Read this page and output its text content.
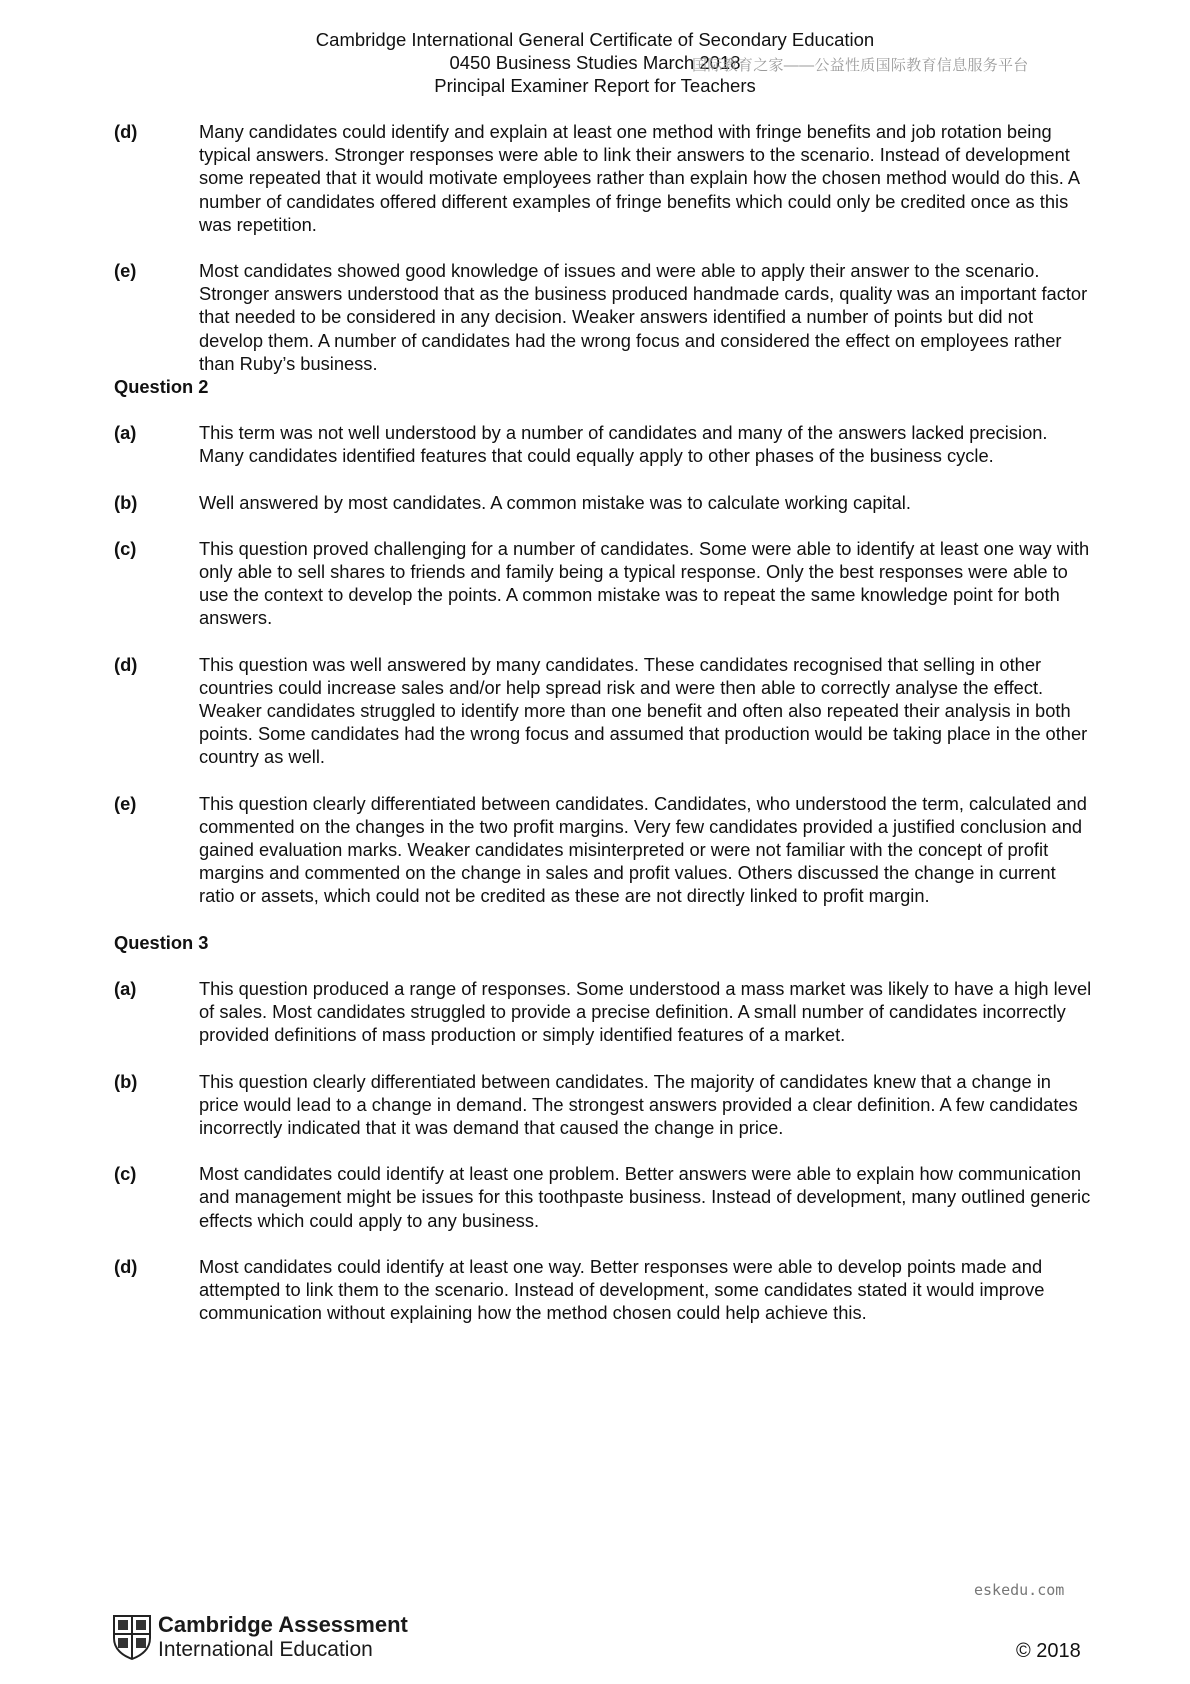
Cambridge International General Certificate of Secondary Education
0450 Business Studies March 2018
Principal Examiner Report for Teachers
国际教育之家——公益性质国际教育信息服务平台
(d)	Many candidates could identify and explain at least one method with fringe benefits and job rotation being typical answers. Stronger responses were able to link their answers to the scenario. Instead of development some repeated that it would motivate employees rather than explain how the chosen method would do this. A number of candidates offered different examples of fringe benefits which could only be credited once as this was repetition.
(e)	Most candidates showed good knowledge of issues and were able to apply their answer to the scenario. Stronger answers understood that as the business produced handmade cards, quality was an important factor that needed to be considered in any decision. Weaker answers identified a number of points but did not develop them. A number of candidates had the wrong focus and considered the effect on employees rather than Ruby’s business.
Question 2
(a)	This term was not well understood by a number of candidates and many of the answers lacked precision. Many candidates identified features that could equally apply to other phases of the business cycle.
(b)	Well answered by most candidates. A common mistake was to calculate working capital.
(c)	This question proved challenging for a number of candidates. Some were able to identify at least one way with only able to sell shares to friends and family being a typical response. Only the best responses were able to use the context to develop the points. A common mistake was to repeat the same knowledge point for both answers.
(d)	This question was well answered by many candidates. These candidates recognised that selling in other countries could increase sales and/or help spread risk and were then able to correctly analyse the effect. Weaker candidates struggled to identify more than one benefit and often also repeated their analysis in both points. Some candidates had the wrong focus and assumed that production would be taking place in the other country as well.
(e)	This question clearly differentiated between candidates. Candidates, who understood the term, calculated and commented on the changes in the two profit margins. Very few candidates provided a justified conclusion and gained evaluation marks. Weaker candidates misinterpreted or were not familiar with the concept of profit margins and commented on the change in sales and profit values. Others discussed the change in current ratio or assets, which could not be credited as these are not directly linked to profit margin.
Question 3
(a)	This question produced a range of responses. Some understood a mass market was likely to have a high level of sales. Most candidates struggled to provide a precise definition. A small number of candidates incorrectly provided definitions of mass production or simply identified features of a market.
(b)	This question clearly differentiated between candidates. The majority of candidates knew that a change in price would lead to a change in demand. The strongest answers provided a clear definition. A few candidates incorrectly indicated that it was demand that caused the change in price.
(c)	Most candidates could identify at least one problem. Better answers were able to explain how communication and management might be issues for this toothpaste business. Instead of development, many outlined generic effects which could apply to any business.
(d)	Most candidates could identify at least one way. Better responses were able to develop points made and attempted to link them to the scenario. Instead of development, some candidates stated it would improve communication without explaining how the method chosen could help achieve this.
eskedu.com
Cambridge Assessment
International Education	© 2018
